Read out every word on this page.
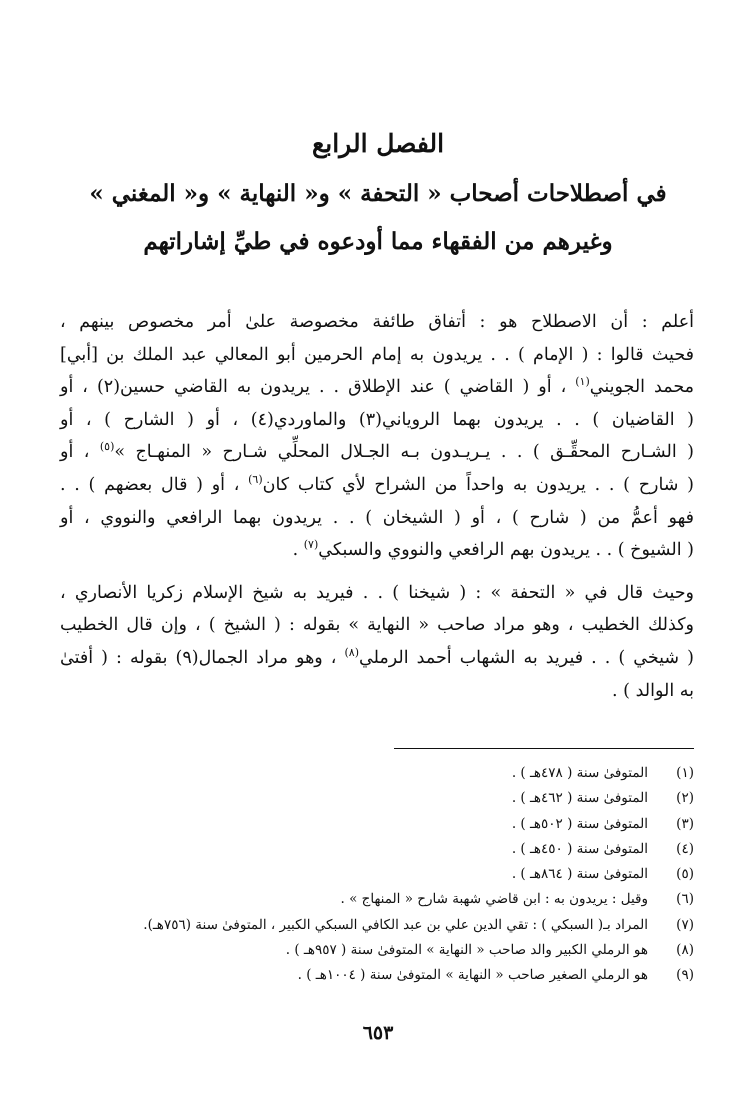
الفصل الرابع

في أصطلاحات أصحاب « التحفة » و« النهاية » و« المغني »

وغيرهم من الفقهاء مما أودعوه في طيِّ إشاراتهم

أعلم : أن الاصطلاح هو : أتفاق طائفة مخصوصة علىٰ أمر مخصوص بينهم ،
فحيث قالوا : ( الإمام ) . . يريدون به إمام الحرمين أبو المعالي عبد الملك بن [أبي]
محمد الجويني$^{(١)}$ ، أو ( القاضي ) عند الإطلاق . . يريدون به القاضي حسين(٢) ، أو
( القاضيان ) . . يريدون بهما الروياني(٣) والماوردي(٤) ، أو ( الشارح ) ، أو
( الشـارح المحقِّـق ) . . يـريـدون بـه الجـلال المحلِّي شـارح « المنهـاج »$^{(٥)}$ ، أو
( شارح ) . . يريدون به واحداً من الشراح لأي كتاب كان$^{(٦)}$ ، أو ( قال بعضهم ) . .
فهو أعمُّ من ( شارح ) ، أو ( الشيخان ) . . يريدون بهما الرافعي والنووي ، أو
( الشيوخ ) . . يريدون بهم الرافعي والنووي والسبكي$^{(٧)}$ .
وحيث قال في « التحفة » : ( شيخنا ) . . فيريد به شيخ الإسلام زكريا الأنصاري ،
وكذلك الخطيب ، وهو مراد صاحب « النهاية » بقوله : ( الشيخ ) ، وإن قال الخطيب
( شيخي ) . . فيريد به الشهاب أحمد الرملي$^{(٨)}$ ، وهو مراد الجمال(٩) بقوله : ( أفتىٰ
به الوالد ) .
(١)
المتوفىٰ سنة ( ٤٧٨هـ ) .
(٢)
المتوفىٰ سنة ( ٤٦٢هـ ) .
(٣)
المتوفىٰ سنة ( ٥٠٢هـ ) .
(٤)
المتوفىٰ سنة ( ٤٥٠هـ ) .
(٥)
المتوفىٰ سنة ( ٨٦٤هـ ) .
(٦)
وقيل : يريدون به : ابن قاضي شهبة شارح « المنهاج » .
(٧)
المراد بـ( السبكي ) : تقي الدين علي بن عبد الكافي السبكي الكبير ، المتوفىٰ سنة (٧٥٦هـ).
(٨)
هو الرملي الكبير والد صاحب « النهاية » المتوفىٰ سنة ( ٩٥٧هـ ) .
(٩)
هو الرملي الصغير صاحب « النهاية » المتوفىٰ سنة ( ١٠٠٤هـ ) .
٦٥٣
